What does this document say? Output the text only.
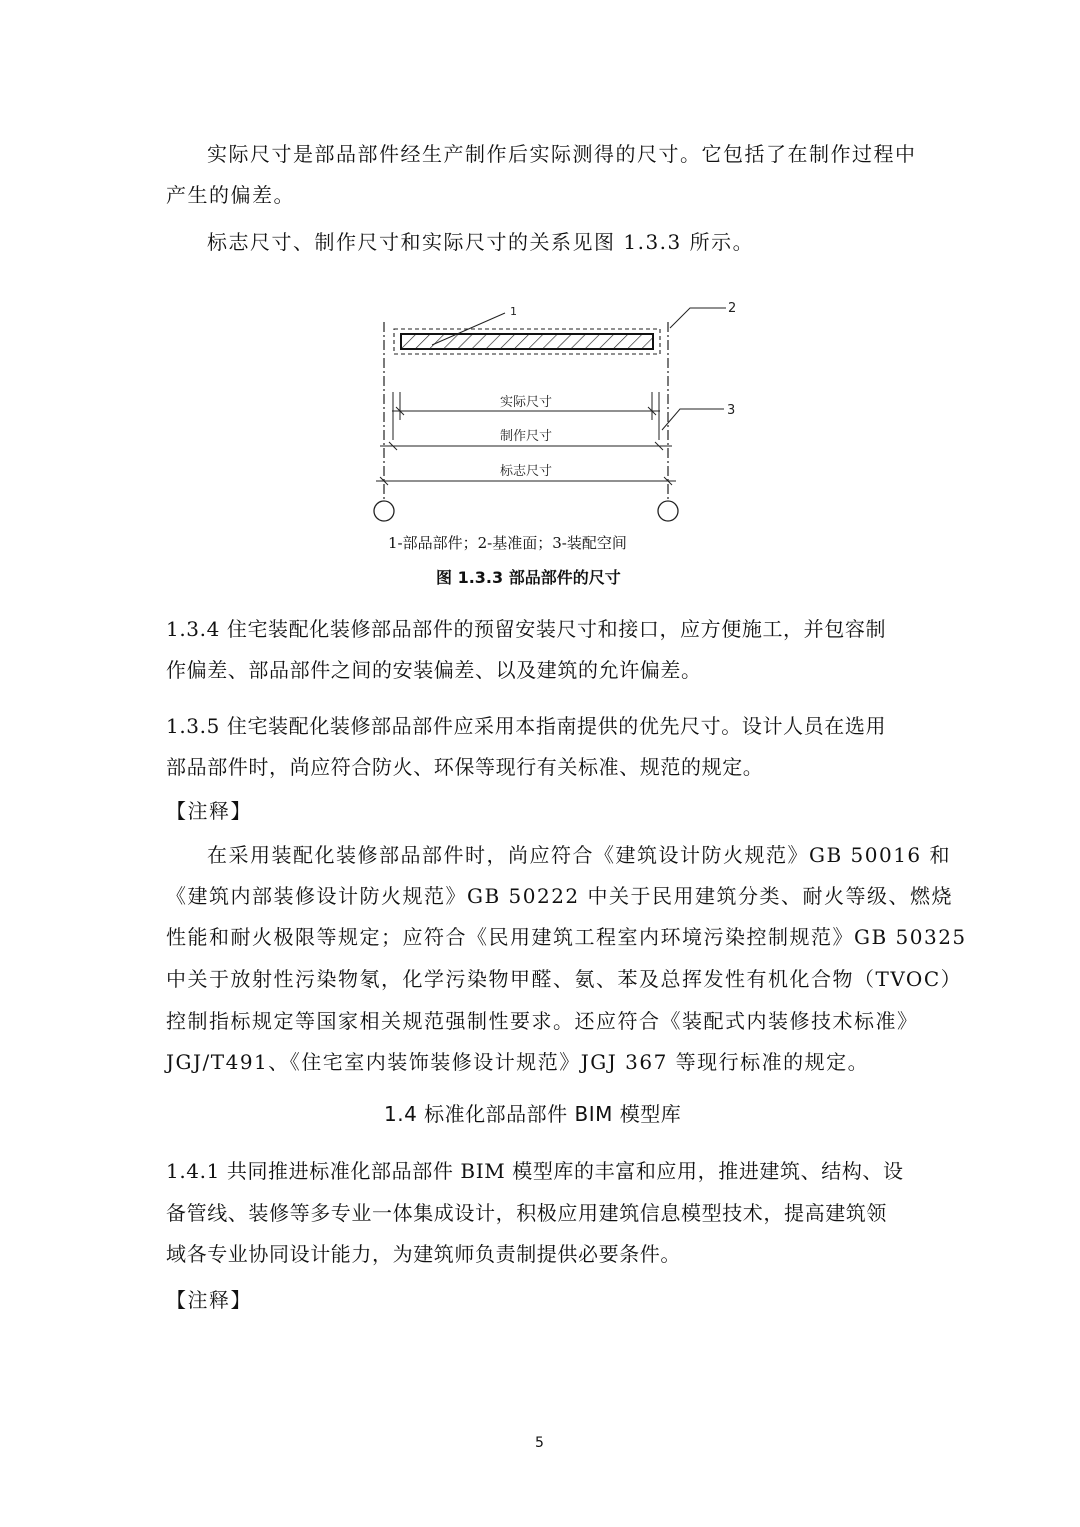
实际尺寸是部品部件经生产制作后实际测得的尺寸。它包括了在制作过程中
产生的偏差。
标志尺寸、制作尺寸和实际尺寸的关系见图 1.3.3 所示。
1	2
3
实际尺寸
制作尺寸
标志尺寸
1-部品部件；2-基准面；3-装配空间
图 1.3.3 部品部件的尺寸
1.3.4 住宅装配化装修部品部件的预留安装尺寸和接口，应方便施工，并包容制
作偏差、部品部件之间的安装偏差、以及建筑的允许偏差。
1.3.5 住宅装配化装修部品部件应采用本指南提供的优先尺寸。设计人员在选用
部品部件时，尚应符合防火、环保等现行有关标准、规范的规定。
【注释】
在采用装配化装修部品部件时，尚应符合《建筑设计防火规范》GB 50016 和
《建筑内部装修设计防火规范》GB 50222 中关于民用建筑分类、耐火等级、燃烧
性能和耐火极限等规定；应符合《民用建筑工程室内环境污染控制规范》GB 50325
中关于放射性污染物氡，化学污染物甲醛、氨、苯及总挥发性有机化合物（TVOC）
控制指标规定等国家相关规范强制性要求。还应符合《装配式内装修技术标准》
JGJ/T491、《住宅室内装饰装修设计规范》JGJ 367 等现行标准的规定。
1.4 标准化部品部件 BIM 模型库
1.4.1 共同推进标准化部品部件 BIM 模型库的丰富和应用，推进建筑、结构、设
备管线、装修等多专业一体集成设计，积极应用建筑信息模型技术，提高建筑领
域各专业协同设计能力，为建筑师负责制提供必要条件。
【注释】
5
